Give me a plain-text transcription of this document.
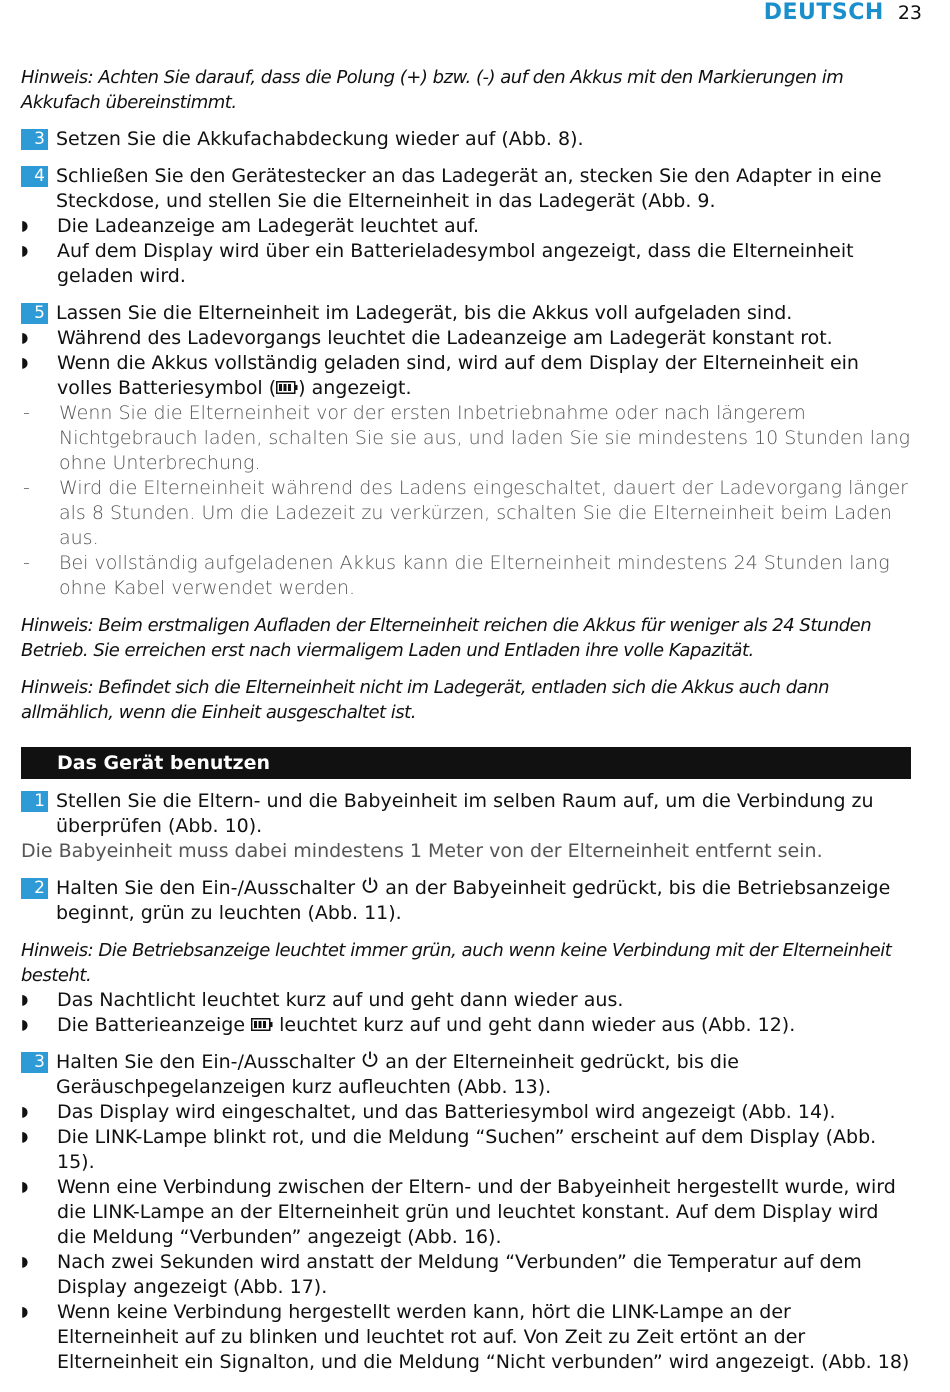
DEUTSCH 23
Hinweis: Achten Sie darauf, dass die Polung (+) bzw. (-) auf den Akkus mit den Markierungen im Akkufach übereinstimmt.
3 Setzen Sie die Akkufachabdeckung wieder auf (Abb. 8).
4 Schließen Sie den Gerätestecker an das Ladegerät an, stecken Sie den Adapter in eine Steckdose, und stellen Sie die Elterneinheit in das Ladegerät (Abb. 9.
◗	Die Ladeanzeige am Ladegerät leuchtet auf.
◗	Auf dem Display wird über ein Batterieladesymbol angezeigt, dass die Elterneinheit geladen wird.
5 Lassen Sie die Elterneinheit im Ladegerät, bis die Akkus voll aufgeladen sind.
◗	Während des Ladevorgangs leuchtet die Ladeanzeige am Ladegerät konstant rot.
◗	Wenn die Akkus vollständig geladen sind, wird auf dem Display der Elterneinheit ein volles Batteriesymbol ( ) angezeigt.
-	Wenn Sie die Elterneinheit vor der ersten Inbetriebnahme oder nach längerem Nichtgebrauch laden, schalten Sie sie aus, und laden Sie sie mindestens 10 Stunden lang ohne Unterbrechung.
-	Wird die Elterneinheit während des Ladens eingeschaltet, dauert der Ladevorgang länger als 8 Stunden. Um die Ladezeit zu verkürzen, schalten Sie die Elterneinheit beim Laden aus.
-	Bei vollständig aufgeladenen Akkus kann die Elterneinheit mindestens 24 Stunden lang ohne Kabel verwendet werden.
Hinweis: Beim erstmaligen Aufladen der Elterneinheit reichen die Akkus für weniger als 24 Stunden Betrieb. Sie erreichen erst nach viermaligem Laden und Entladen ihre volle Kapazität.
Hinweis: Befindet sich die Elterneinheit nicht im Ladegerät, entladen sich die Akkus auch dann allmählich, wenn die Einheit ausgeschaltet ist.
Das Gerät benutzen
1 Stellen Sie die Eltern- und die Babyeinheit im selben Raum auf, um die Verbindung zu überprüfen (Abb. 10).
Die Babyeinheit muss dabei mindestens 1 Meter von der Elterneinheit entfernt sein.
2 Halten Sie den Ein-/Ausschalter  an der Babyeinheit gedrückt, bis die Betriebsanzeige beginnt, grün zu leuchten (Abb. 11).
Hinweis: Die Betriebsanzeige leuchtet immer grün, auch wenn keine Verbindung mit der Elterneinheit besteht.
◗	Das Nachtlicht leuchtet kurz auf und geht dann wieder aus.
◗	Die Batterieanzeige  leuchtet kurz auf und geht dann wieder aus (Abb. 12).
3 Halten Sie den Ein-/Ausschalter  an der Elterneinheit gedrückt, bis die Geräuschpegelanzeigen kurz aufleuchten (Abb. 13).
◗	Das Display wird eingeschaltet, und das Batteriesymbol wird angezeigt (Abb. 14).
◗	Die LINK-Lampe blinkt rot, und die Meldung “Suchen” erscheint auf dem Display (Abb. 15).
◗	Wenn eine Verbindung zwischen der Eltern- und der Babyeinheit hergestellt wurde, wird die LINK-Lampe an der Elterneinheit grün und leuchtet konstant. Auf dem Display wird die Meldung “Verbunden” angezeigt (Abb. 16).
◗	Nach zwei Sekunden wird anstatt der Meldung “Verbunden” die Temperatur auf dem Display angezeigt (Abb. 17).
◗	Wenn keine Verbindung hergestellt werden kann, hört die LINK-Lampe an der Elterneinheit auf zu blinken und leuchtet rot auf. Von Zeit zu Zeit ertönt an der Elterneinheit ein Signalton, und die Meldung “Nicht verbunden” wird angezeigt. (Abb. 18)
